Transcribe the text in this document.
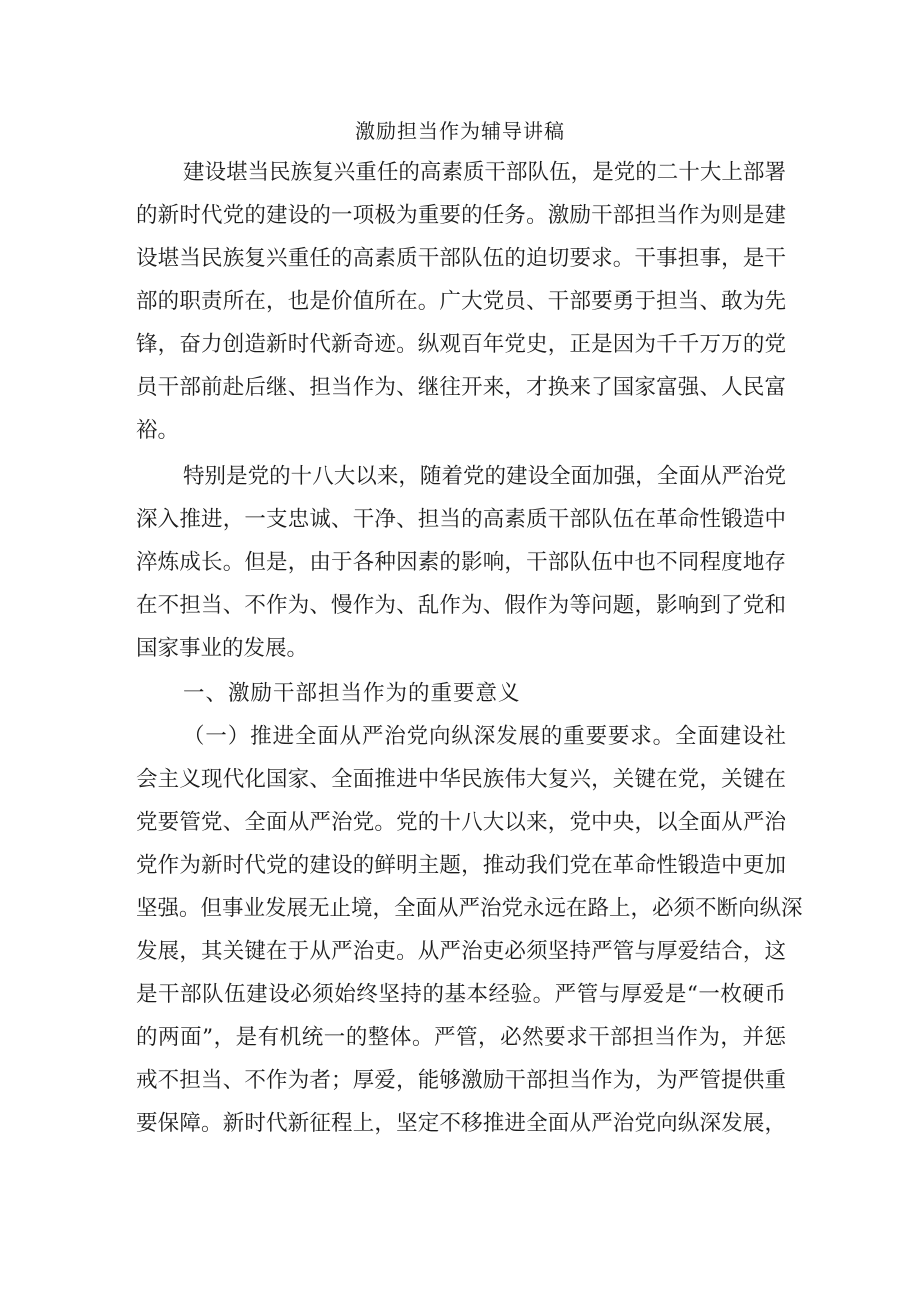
激励担当作为辅导讲稿
建设堪当民族复兴重任的高素质干部队伍，是党的二十大上部署
的新时代党的建设的一项极为重要的任务。激励干部担当作为则是建
设堪当民族复兴重任的高素质干部队伍的迫切要求。干事担事，是干
部的职责所在，也是价值所在。广大党员、干部要勇于担当、敢为先
锋，奋力创造新时代新奇迹。纵观百年党史，正是因为千千万万的党
员干部前赴后继、担当作为、继往开来，才换来了国家富强、人民富
裕。
特别是党的十八大以来，随着党的建设全面加强，全面从严治党
深入推进，一支忠诚、干净、担当的高素质干部队伍在革命性锻造中
淬炼成长。但是，由于各种因素的影响，干部队伍中也不同程度地存
在不担当、不作为、慢作为、乱作为、假作为等问题，影响到了党和
国家事业的发展。
一、激励干部担当作为的重要意义
（一）推进全面从严治党向纵深发展的重要要求。全面建设社
会主义现代化国家、全面推进中华民族伟大复兴，关键在党，关键在
党要管党、全面从严治党。党的十八大以来，党中央，以全面从严治
党作为新时代党的建设的鲜明主题，推动我们党在革命性锻造中更加
坚强。但事业发展无止境，全面从严治党永远在路上，必须不断向纵深
发展，其关键在于从严治吏。从严治吏必须坚持严管与厚爱结合，这
是干部队伍建设必须始终坚持的基本经验。严管与厚爱是“一枚硬币
的两面”，是有机统一的整体。严管，必然要求干部担当作为，并惩
戒不担当、不作为者；厚爱，能够激励干部担当作为，为严管提供重
要保障。新时代新征程上，坚定不移推进全面从严治党向纵深发展，
